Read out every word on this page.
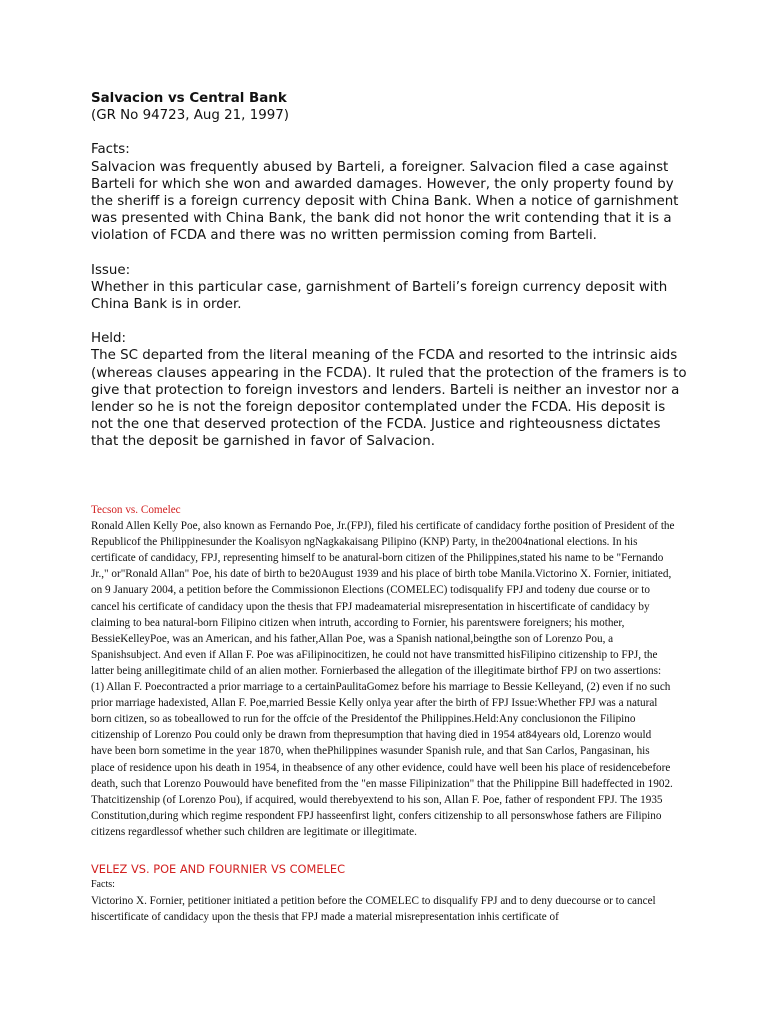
Salvacion vs Central Bank

(GR No 94723, Aug 21, 1997)

Facts:

Salvacion was frequently abused by Barteli, a foreigner. Salvacion filed a case against Barteli for which she won and awarded damages. However, the only property found by the sheriff is a foreign currency deposit with China Bank. When a notice of garnishment was presented with China Bank, the bank did not honor the writ contending that it is a violation of FCDA and there was no written permission coming from Barteli.

Issue:

Whether in this particular case, garnishment of Barteli’s foreign currency deposit with China Bank is in order.

Held:

The SC departed from the literal meaning of the FCDA and resorted to the intrinsic aids (whereas clauses appearing in the FCDA). It ruled that the protection of the framers is to give that protection to foreign investors and lenders. Barteli is neither an investor nor a lender so he is not the foreign depositor contemplated under the FCDA. His deposit is not the one that deserved protection of the FCDA. Justice and righteousness dictates that the deposit be garnished in favor of Salvacion.

Tecson vs. Comelec

Ronald Allen Kelly Poe, also known as Fernando Poe, Jr.(FPJ), filed his certificate of candidacy forthe position of President of the Republicof the Philippinesunder the Koalisyon ngNagkakaisang Pilipino (KNP) Party, in the2004national elections. In his certificate of candidacy, FPJ, representing himself to be anatural-born citizen of the Philippines,stated his name to be "Fernando Jr.," or"Ronald Allan" Poe, his date of birth to be20August 1939 and his place of birth tobe Manila.Victorino X. Fornier, initiated, on 9 January 2004, a petition before the Commissionon Elections (COMELEC) todisqualify FPJ and todeny due course or to cancel his certificate of candidacy upon the thesis that FPJ madeamaterial misrepresentation in hiscertificate of candidacy by claiming to bea natural-born Filipino citizen when intruth, according to Fornier, his parentswere foreigners; his mother, BessieKelleyPoe, was an American, and his father,Allan Poe, was a Spanish national,beingthe son of Lorenzo Pou, a Spanishsubject. And even if Allan F. Poe was aFilipinocitizen, he could not have transmitted hisFilipino citizenship to FPJ, the latter being anillegitimate child of an alien mother. Fornierbased the allegation of the illegitimate birthof FPJ on two assertions: (1) Allan F. Poecontracted a prior marriage to a certainPaulitaGomez before his marriage to Bessie Kelleyand, (2) even if no such prior marriage hadexisted, Allan F. Poe,married Bessie Kelly onlya year after the birth of FPJ Issue:Whether FPJ was a natural born citizen, so as tobeallowed to run for the offcie of the Presidentof the Philippines.Held:Any conclusionon the Filipino citizenship of Lorenzo Pou could only be drawn from thepresumption that having died in 1954 at84years old, Lorenzo would have been born sometime in the year 1870, when thePhilippines wasunder Spanish rule, and that San Carlos, Pangasinan, his place of residence upon his death in 1954, in theabsence of any other evidence, could have well been his place of residencebefore death, such that Lorenzo Pouwould have benefited from the "en masse Filipinization" that the Philippine Bill hadeffected in 1902. Thatcitizenship (of Lorenzo Pou), if acquired, would therebyextend to his son, Allan F. Poe, father of respondent FPJ. The 1935 Constitution,during which regime respondent FPJ hasseenfirst light, confers citizenship to all personswhose fathers are Filipino citizens regardlessof whether such children are legitimate or illegitimate.

VELEZ VS. POE AND FOURNIER VS COMELEC

Facts:

Victorino X. Fornier, petitioner initiated a petition before the COMELEC to disqualify FPJ and to deny duecourse or to cancel hiscertificate of candidacy upon the thesis that FPJ made a material misrepresentation inhis certificate of
